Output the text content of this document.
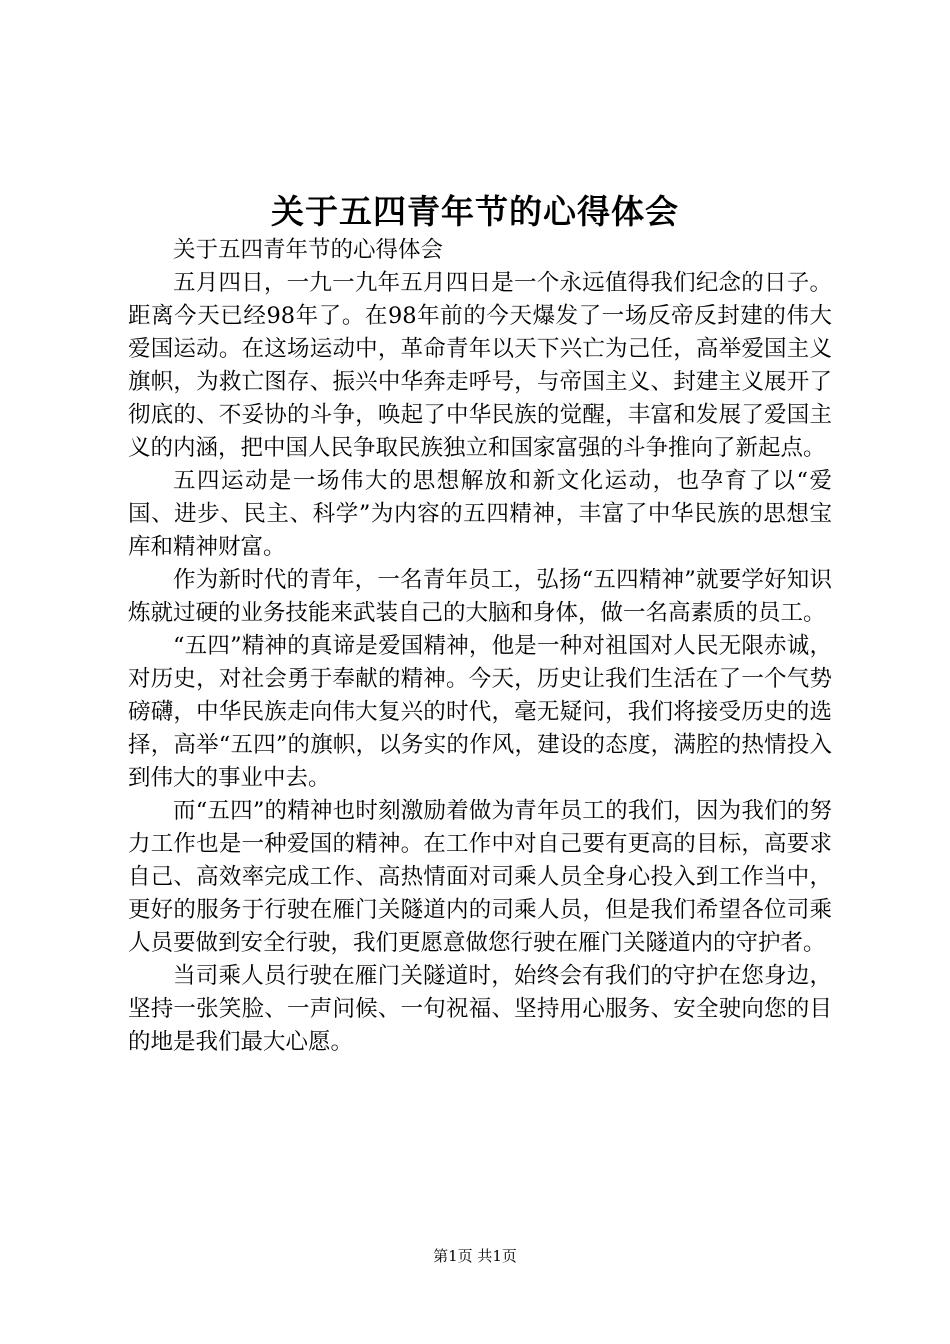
关于五四青年节的心得体会

关于五四青年节的心得体会

五月四日，一九一九年五月四日是一个永远值得我们纪念的日子。距离今天已经98年了。在98年前的今天爆发了一场反帝反封建的伟大爱国运动。在这场运动中，革命青年以天下兴亡为己任，高举爱国主义旗帜，为救亡图存、振兴中华奔走呼号，与帝国主义、封建主义展开了彻底的、不妥协的斗争，唤起了中华民族的觉醒，丰富和发展了爱国主义的内涵，把中国人民争取民族独立和国家富强的斗争推向了新起点。

五四运动是一场伟大的思想解放和新文化运动，也孕育了以“爱国、进步、民主、科学”为内容的五四精神，丰富了中华民族的思想宝库和精神财富。

作为新时代的青年，一名青年员工，弘扬“五四精神”就要学好知识炼就过硬的业务技能来武装自己的大脑和身体，做一名高素质的员工。

“五四”精神的真谛是爱国精神，他是一种对祖国对人民无限赤诚，对历史，对社会勇于奉献的精神。今天，历史让我们生活在了一个气势磅礴，中华民族走向伟大复兴的时代，毫无疑问，我们将接受历史的选择，高举“五四”的旗帜，以务实的作风，建设的态度，满腔的热情投入到伟大的事业中去。

而“五四”的精神也时刻激励着做为青年员工的我们，因为我们的努力工作也是一种爱国的精神。在工作中对自己要有更高的目标，高要求自己、高效率完成工作、高热情面对司乘人员全身心投入到工作当中，更好的服务于行驶在雁门关隧道内的司乘人员，但是我们希望各位司乘人员要做到安全行驶，我们更愿意做您行驶在雁门关隧道内的守护者。

当司乘人员行驶在雁门关隧道时，始终会有我们的守护在您身边，坚持一张笑脸、一声问候、一句祝福、坚持用心服务、安全驶向您的目的地是我们最大心愿。

第1页 共1页
